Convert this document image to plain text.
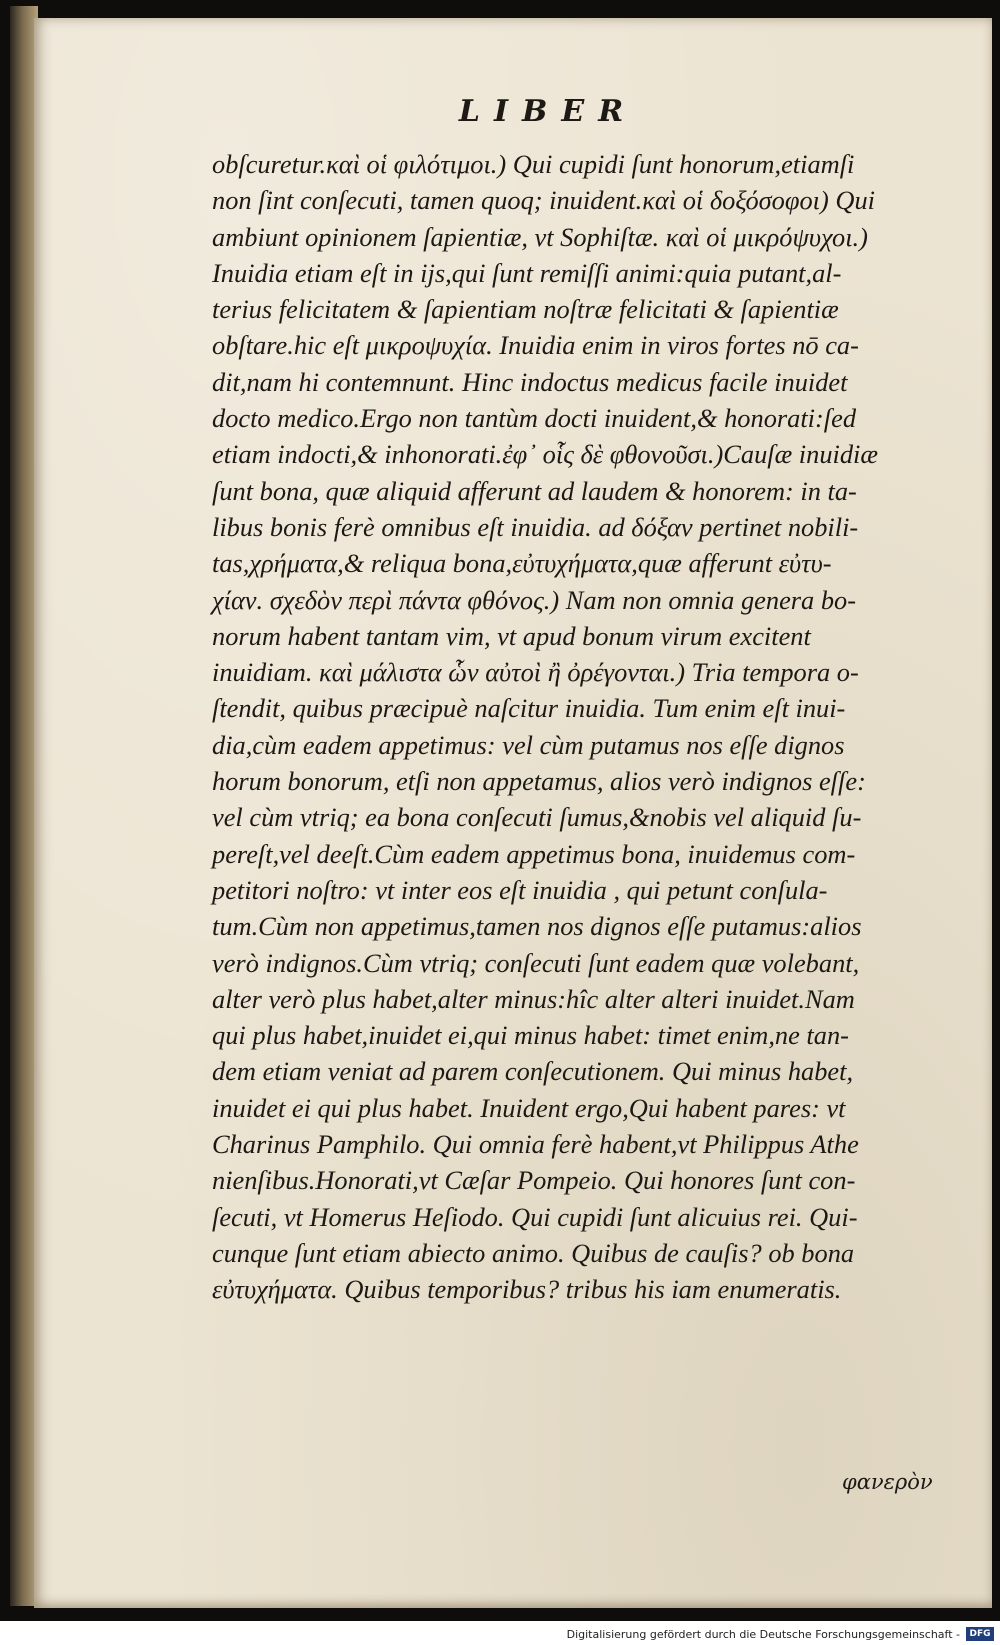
LIBER
obſcuretur.καὶ οἱ φιλότιμοι.) Qui cupidi ſunt honorum,etiamſi
non ſint conſecuti, tamen quoq; inuident.καὶ οἱ δοξόσοφοι) Qui
ambiunt opinionem ſapientiæ, vt Sophiſtæ. καὶ οἱ μικρόψυχοι.)
Inuidia etiam eſt in ijs,qui ſunt remiſſi animi:quia putant,al-
terius felicitatem & ſapientiam noſtræ felicitati & ſapientiæ
obſtare.hic eſt μικροψυχία. Inuidia enim in viros fortes nō ca-
dit,nam hi contemnunt. Hinc indoctus medicus facile inuidet
docto medico.Ergo non tantùm docti inuident,& honorati:ſed
etiam indocti,& inhonorati.ἐφ᾽ οἷς δὲ φθονοῦσι.)Cauſæ inuidiæ
ſunt bona, quæ aliquid afferunt ad laudem & honorem: in ta-
libus bonis ferè omnibus eſt inuidia. ad δόξαν pertinet nobili-
tas,χρήματα,& reliqua bona,εὐτυχήματα,quæ afferunt εὐτυ-
χίαν. σχεδὸν περὶ πάντα φθόνος.) Nam non omnia genera bo-
norum habent tantam vim, vt apud bonum virum excitent
inuidiam. καὶ μάλιστα ὧν αὐτοὶ ἢ ὀρέγονται.) Tria tempora o-
ſtendit, quibus præcipuè naſcitur inuidia. Tum enim eſt inui-
dia,cùm eadem appetimus: vel cùm putamus nos eſſe dignos
horum bonorum, etſi non appetamus, alios verò indignos eſſe:
vel cùm vtriq; ea bona conſecuti ſumus,&nobis vel aliquid ſu-
pereſt,vel deeſt.Cùm eadem appetimus bona, inuidemus com-
petitori noſtro: vt inter eos eſt inuidia , qui petunt conſula-
tum.Cùm non appetimus,tamen nos dignos eſſe putamus:alios
verò indignos.Cùm vtriq; conſecuti ſunt eadem quæ volebant,
alter verò plus habet,alter minus:hîc alter alteri inuidet.Nam
qui plus habet,inuidet ei,qui minus habet: timet enim,ne tan-
dem etiam veniat ad parem conſecutionem. Qui minus habet,
inuidet ei qui plus habet. Inuident ergo,Qui habent pares: vt
Charinus Pamphilo. Qui omnia ferè habent,vt Philippus Athe
nienſibus.Honorati,vt Cæſar Pompeio. Qui honores ſunt con-
ſecuti, vt Homerus Heſiodo. Qui cupidi ſunt alicuius rei. Qui-
cunque ſunt etiam abiecto animo. Quibus de cauſis? ob bona
εὐτυχήματα. Quibus temporibus? tribus his iam enumeratis.
φανερὸν
Digitalisierung gefördert durch die Deutsche Forschungsgemeinschaft -	DFG
